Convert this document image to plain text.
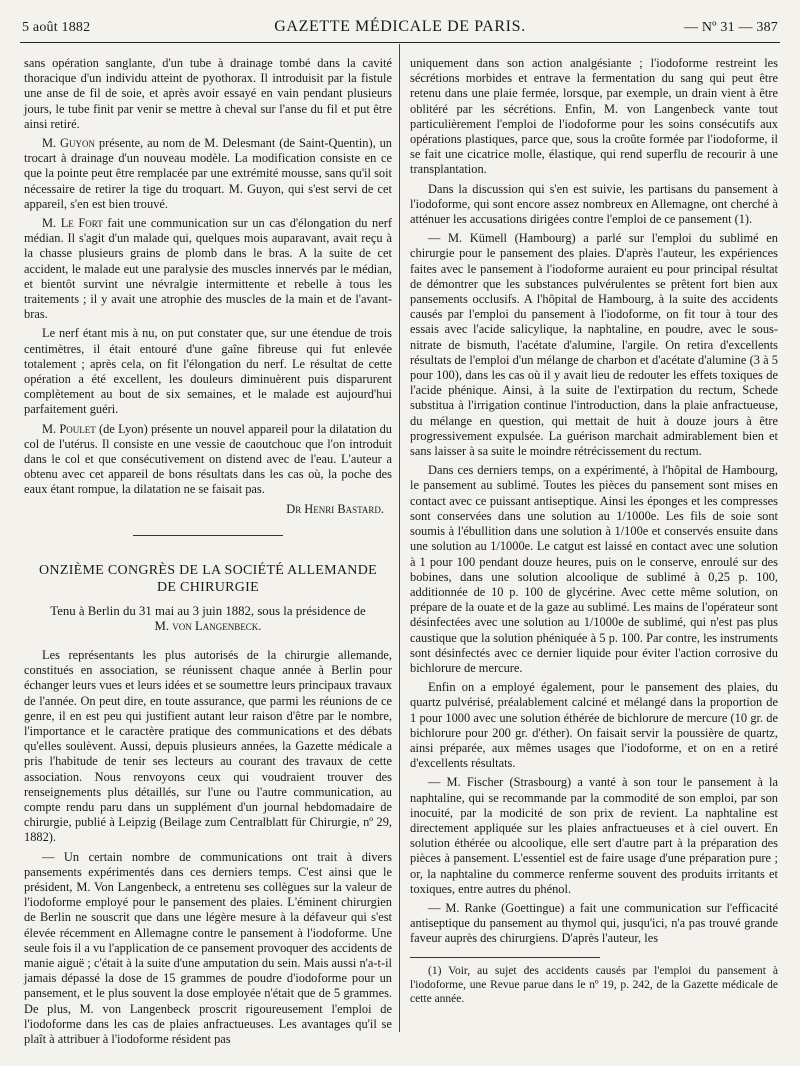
5 août 1882	GAZETTE MÉDICALE DE PARIS.	— Nº 31 — 387

sans opération sanglante, d'un tube à drainage tombé dans la cavité thoracique d'un individu atteint de pyothorax. Il introduisit par la fistule une anse de fil de soie, et après avoir essayé en vain pendant plusieurs jours, le tube finit par venir se mettre à cheval sur l'anse du fil et put être ainsi retiré.

M. Guyon présente, au nom de M. Delesmant (de Saint-Quentin), un trocart à drainage d'un nouveau modèle. La modification consiste en ce que la pointe peut être remplacée par une extrémité mousse, sans qu'il soit nécessaire de retirer la tige du troquart. M. Guyon, qui s'est servi de cet appareil, s'en est bien trouvé.

M. Le Fort fait une communication sur un cas d'élongation du nerf médian. Il s'agit d'un malade qui, quelques mois auparavant, avait reçu à la chasse plusieurs grains de plomb dans le bras. A la suite de cet accident, le malade eut une paralysie des muscles innervés par le médian, et bientôt survint une névralgie intermittente et rebelle à tous les traitements ; il y avait une atrophie des muscles de la main et de l'avant-bras.

Le nerf étant mis à nu, on put constater que, sur une étendue de trois centimètres, il était entouré d'une gaîne fibreuse qui fut enlevée totalement ; après cela, on fit l'élongation du nerf. Le résultat de cette opération a été excellent, les douleurs diminuèrent puis disparurent complètement au bout de six semaines, et le malade est aujourd'hui parfaitement guéri.

M. Poulet (de Lyon) présente un nouvel appareil pour la dilatation du col de l'utérus. Il consiste en une vessie de caoutchouc que l'on introduit dans le col et que consécutivement on distend avec de l'eau. L'auteur a obtenu avec cet appareil de bons résultats dans les cas où, la poche des eaux étant rompue, la dilatation ne se faisait pas.

Dr Henri Bastard.
ONZIÈME CONGRÈS DE LA SOCIÉTÉ ALLEMANDE
DE CHIRURGIE
Tenu à Berlin du 31 mai au 3 juin 1882, sous la présidence de
M. von Langenbeck.

Les représentants les plus autorisés de la chirurgie allemande, constitués en association, se réunissent chaque année à Berlin pour échanger leurs vues et leurs idées et se soumettre leurs principaux travaux de l'année. On peut dire, en toute assurance, que parmi les réunions de ce genre, il en est peu qui justifient autant leur raison d'être par le nombre, l'importance et le caractère pratique des communications et des débats qu'elles soulèvent. Aussi, depuis plusieurs années, la Gazette médicale a pris l'habitude de tenir ses lecteurs au courant des travaux de cette association. Nous renvoyons ceux qui voudraient trouver des renseignements plus détaillés, sur l'une ou l'autre communication, au compte rendu paru dans un supplément d'un journal hebdomadaire de chirurgie, publié à Leipzig (Beilage zum Centralblatt für Chirurgie, nº 29, 1882).

— Un certain nombre de communications ont trait à divers pansements expérimentés dans ces derniers temps. C'est ainsi que le président, M. Von Langenbeck, a entretenu ses collègues sur la valeur de l'iodoforme employé pour le pansement des plaies. L'éminent chirurgien de Berlin ne souscrit que dans une légère mesure à la défaveur qui s'est élevée récemment en Allemagne contre le pansement à l'iodoforme. Une seule fois il a vu l'application de ce pansement provoquer des accidents de manie aiguë ; c'était à la suite d'une amputation du sein. Mais aussi n'a-t-il jamais dépassé la dose de 15 grammes de poudre d'iodoforme pour un pansement, et le plus souvent la dose employée n'était que de 5 grammes. De plus, M. von Langenbeck proscrit rigoureusement l'emploi de l'iodoforme dans les cas de plaies anfractueuses. Les avantages qu'il se plaît à attribuer à l'iodoforme résident pas

uniquement dans son action analgésiante ; l'iodoforme restreint les sécrétions morbides et entrave la fermentation du sang qui peut être retenu dans une plaie fermée, lorsque, par exemple, un drain vient à être oblitéré par les sécrétions. Enfin, M. von Langenbeck vante tout particulièrement l'emploi de l'iodoforme pour les soins consécutifs aux opérations plastiques, parce que, sous la croûte formée par l'iodoforme, il se fait une cicatrice molle, élastique, qui rend superflu de recourir à une transplantation.

Dans la discussion qui s'en est suivie, les partisans du pansement à l'iodoforme, qui sont encore assez nombreux en Allemagne, ont cherché à atténuer les accusations dirigées contre l'emploi de ce pansement (1).

— M. Kümell (Hambourg) a parlé sur l'emploi du sublimé en chirurgie pour le pansement des plaies. D'après l'auteur, les expériences faites avec le pansement à l'iodoforme auraient eu pour principal résultat de démontrer que les substances pulvérulentes se prêtent fort bien aux pansements occlusifs. A l'hôpital de Hambourg, à la suite des accidents causés par l'emploi du pansement à l'iodoforme, on fit tour à tour des essais avec l'acide salicylique, la naphtaline, en poudre, avec le sous-nitrate de bismuth, l'acétate d'alumine, l'argile. On retira d'excellents résultats de l'emploi d'un mélange de charbon et d'acétate d'alumine (3 à 5 pour 100), dans les cas où il y avait lieu de redouter les effets toxiques de l'acide phénique. Ainsi, à la suite de l'extirpation du rectum, Schede substitua à l'irrigation continue l'introduction, dans la plaie anfractueuse, du mélange en question, qui mettait de huit à douze jours à être progressivement expulsée. La guérison marchait admirablement bien et sans laisser à sa suite le moindre rétrécissement du rectum.

Dans ces derniers temps, on a expérimenté, à l'hôpital de Hambourg, le pansement au sublimé. Toutes les pièces du pansement sont mises en contact avec ce puissant antiseptique. Ainsi les éponges et les compresses sont conservées dans une solution au 1/1000e. Les fils de soie sont soumis à l'ébullition dans une solution à 1/100e et conservés ensuite dans une solution au 1/1000e. Le catgut est laissé en contact avec une solution à 1 pour 100 pendant douze heures, puis on le conserve, enroulé sur des bobines, dans une solution alcoolique de sublimé à 0,25 p. 100, additionnée de 10 p. 100 de glycérine. Avec cette même solution, on prépare de la ouate et de la gaze au sublimé. Les mains de l'opérateur sont désinfectées avec une solution au 1/1000e de sublimé, qui n'est pas plus caustique que la solution phéniquée à 5 p. 100. Par contre, les instruments sont désinfectés avec ce dernier liquide pour éviter l'action corrosive du bichlorure de mercure.

Enfin on a employé également, pour le pansement des plaies, du quartz pulvérisé, préalablement calciné et mélangé dans la proportion de 1 pour 1000 avec une solution éthérée de bichlorure de mercure (10 gr. de bichlorure pour 200 gr. d'éther). On faisait servir la poussière de quartz, ainsi préparée, aux mêmes usages que l'iodoforme, et on en a retiré d'excellents résultats.

— M. Fischer (Strasbourg) a vanté à son tour le pansement à la naphtaline, qui se recommande par la commodité de son emploi, par son inocuité, par la modicité de son prix de revient. La naphtaline est directement appliquée sur les plaies anfractueuses et à ciel ouvert. En solution éthérée ou alcoolique, elle sert d'autre part à la préparation des pièces à pansement. L'essentiel est de faire usage d'une préparation pure ; or, la naphtaline du commerce renferme souvent des produits irritants et toxiques, entre autres du phénol.

— M. Ranke (Goettingue) a fait une communication sur l'efficacité antiseptique du pansement au thymol qui, jusqu'ici, n'a pas trouvé grande faveur auprès des chirurgiens. D'après l'auteur, les

(1) Voir, au sujet des accidents causés par l'emploi du pansement à l'iodoforme, une Revue parue dans le nº 19, p. 242, de la Gazette médicale de cette année.
